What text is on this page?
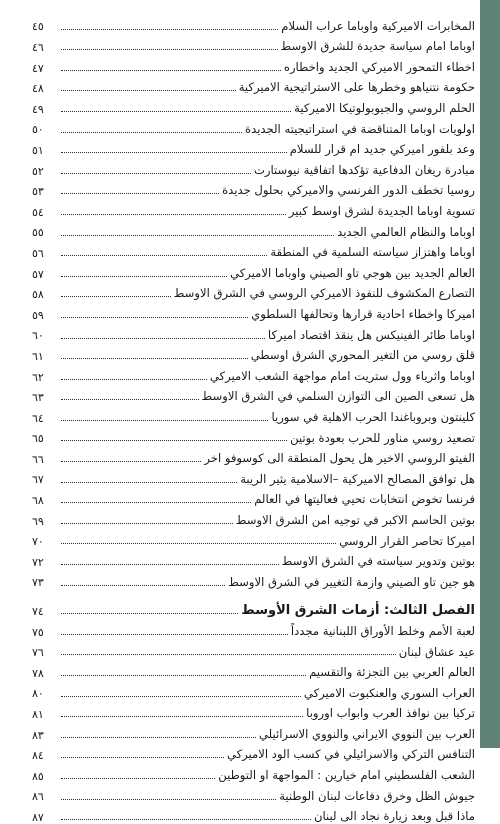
المخابرات الاميركية واوباما عراب السلام
٤٥
اوباما امام سياسة جديدة للشرق الاوسط
٤٦
اخطاء التمحور الاميركي الجديد واخطاره
٤٧
حكومة نتنياهو وخطرها على الاستراتيجية الاميركية
٤٨
الحلم الروسي والجيوبولوتيكا الاميركية
٤٩
اولويات اوباما المتناقضة في استراتيجيته الجديدة
٥٠
وعد بلفور اميركي جديد ام قرار للسلام
٥١
مبادرة ريغان الدفاعية تؤكدها اتفاقية نيوستارت
٥٢
روسيا تخطف الدور الفرنسي والاميركي بحلول جديدة
٥٣
تسوية اوباما الجديدة لشرق اوسط كبير
٥٤
اوباما والنظام العالمي الجديد
٥٥
اوباما واهتزاز سياسته السلمية في المنطقة
٥٦
العالم الجديد بين هوجي تاو الصيني واوباما الاميركي
٥٧
التصارع المكشوف للنفوذ الاميركي الروسي في الشرق الاوسط
٥٨
اميركا واخطاء احادية قرارها وتحالفها السلطوي
٥٩
اوباما طائر الفينيكس هل ينقذ اقتصاد اميركا
٦٠
قلق روسي من التغير المحوري الشرق اوسطي
٦١
اوباما واثرياء وول ستريت امام مواجهة الشعب الاميركي
٦٢
هل تسعى الصين الى التوازن السلمي في الشرق الاوسط
٦٣
كلينتون وبروباغندا الحرب الاهلية في سوريا
٦٤
تصعيد روسي مناور للحرب بعودة بوتين
٦٥
الفيتو الروسي الاخير هل يحول المنطقة الى كوسوفو اخر
٦٦
هل توافق المصالح الاميركية –الاسلامية يثير الريبة
٦٧
فرنسا تخوض انتخابات تحيي فعاليتها في العالم
٦٨
بوتين الحاسم الاكبر في توجيه امن الشرق الاوسط
٦٩
اميركا تحاصر القرار الروسي
٧٠
بوتين وتدوير سياسته في الشرق الاوسط
٧٢
هو جين تاو الصيني وازمة التغيير في الشرق الاوسط
٧٣
الفصل الثالث: أزمات الشرق الأوسط
٧٤
لعبة الأمم وخلط الأوراق اللبنانية مجدداً
٧٥
عيد عشاق لبنان
٧٦
العالم العربي بين التجزئة والتقسيم
٧٨
العراب السوري والعنكبوت الاميركي
٨٠
تركيا بين نوافذ العرب وابواب اوروبا
٨١
العرب بين النووي الايراني والنووي الاسرائيلي
٨٣
التنافس التركي والاسرائيلي في كسب الود الاميركي
٨٤
الشعب الفلسطيني امام خيارين : المواجهة او التوطين
٨٥
جيوش الظل وخرق دفاعات لبنان الوطنية
٨٦
ماذا قبل وبعد زيارة نجاد الى لبنان
٨٧
